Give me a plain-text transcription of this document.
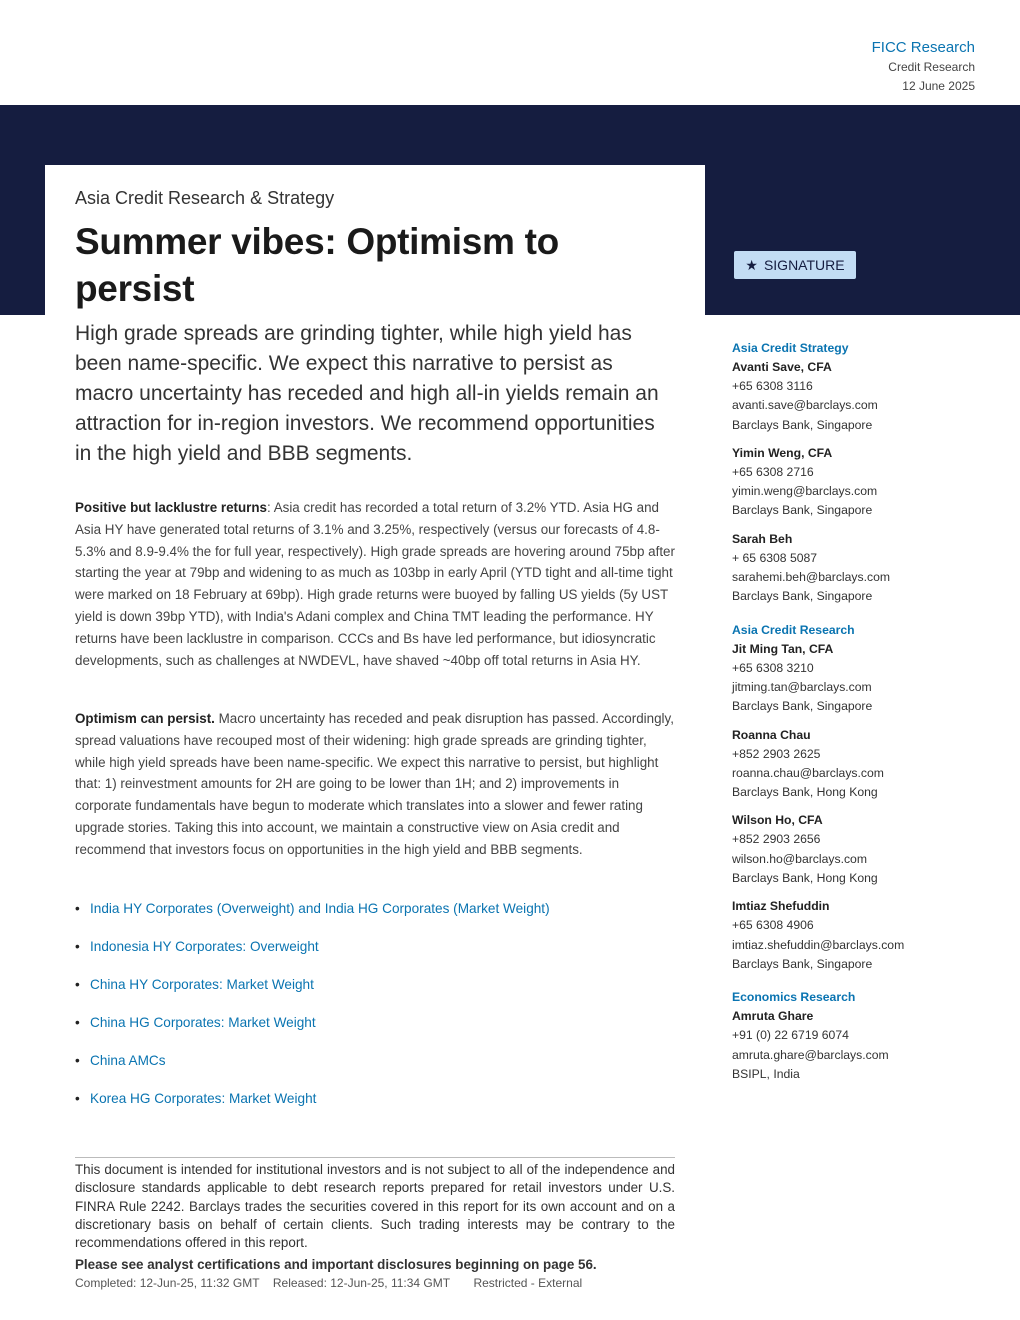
FICC Research
Credit Research
12 June 2025
Asia Credit Research & Strategy
Summer vibes: Optimism to persist
★ SIGNATURE

High grade spreads are grinding tighter, while high yield has been name-specific. We expect this narrative to persist as macro uncertainty has receded and high all-in yields remain an attraction for in-region investors. We recommend opportunities in the high yield and BBB segments.

Positive but lacklustre returns: Asia credit has recorded a total return of 3.2% YTD. Asia HG and Asia HY have generated total returns of 3.1% and 3.25%, respectively (versus our forecasts of 4.8-5.3% and 8.9-9.4% the for full year, respectively). High grade spreads are hovering around 75bp after starting the year at 79bp and widening to as much as 103bp in early April (YTD tight and all-time tight were marked on 18 February at 69bp). High grade returns were buoyed by falling US yields (5y UST yield is down 39bp YTD), with India's Adani complex and China TMT leading the performance. HY returns have been lacklustre in comparison. CCCs and Bs have led performance, but idiosyncratic developments, such as challenges at NWDEVL, have shaved ~40bp off total returns in Asia HY.

Optimism can persist. Macro uncertainty has receded and peak disruption has passed. Accordingly, spread valuations have recouped most of their widening: high grade spreads are grinding tighter, while high yield spreads have been name-specific. We expect this narrative to persist, but highlight that: 1) reinvestment amounts for 2H are going to be lower than 1H; and 2) improvements in corporate fundamentals have begun to moderate which translates into a slower and fewer rating upgrade stories. Taking this into account, we maintain a constructive view on Asia credit and recommend that investors focus on opportunities in the high yield and BBB segments.

• India HY Corporates (Overweight) and India HG Corporates (Market Weight)
• Indonesia HY Corporates: Overweight
• China HY Corporates: Market Weight
• China HG Corporates: Market Weight
• China AMCs
• Korea HG Corporates: Market Weight

This document is intended for institutional investors and is not subject to all of the independence and disclosure standards applicable to debt research reports prepared for retail investors under U.S. FINRA Rule 2242. Barclays trades the securities covered in this report for its own account and on a discretionary basis on behalf of certain clients. Such trading interests may be contrary to the recommendations offered in this report.

Please see analyst certifications and important disclosures beginning on page 56.
Completed: 12-Jun-25, 11:32 GMT
Released: 12-Jun-25, 11:34 GMT
Restricted - External
Asia Credit Strategy
Avanti Save, CFA
+65 6308 3116
avanti.save@barclays.com
Barclays Bank, Singapore
Yimin Weng, CFA
+65 6308 2716
yimin.weng@barclays.com
Barclays Bank, Singapore
Sarah Beh
+ 65 6308 5087
sarahemi.beh@barclays.com
Barclays Bank, Singapore
Asia Credit Research
Jit Ming Tan, CFA
+65 6308 3210
jitming.tan@barclays.com
Barclays Bank, Singapore
Roanna Chau
+852 2903 2625
roanna.chau@barclays.com
Barclays Bank, Hong Kong
Wilson Ho, CFA
+852 2903 2656
wilson.ho@barclays.com
Barclays Bank, Hong Kong
Imtiaz Shefuddin
+65 6308 4906
imtiaz.shefuddin@barclays.com
Barclays Bank, Singapore
Economics Research
Amruta Ghare
+91 (0) 22 6719 6074
amruta.ghare@barclays.com
BSIPL, India
